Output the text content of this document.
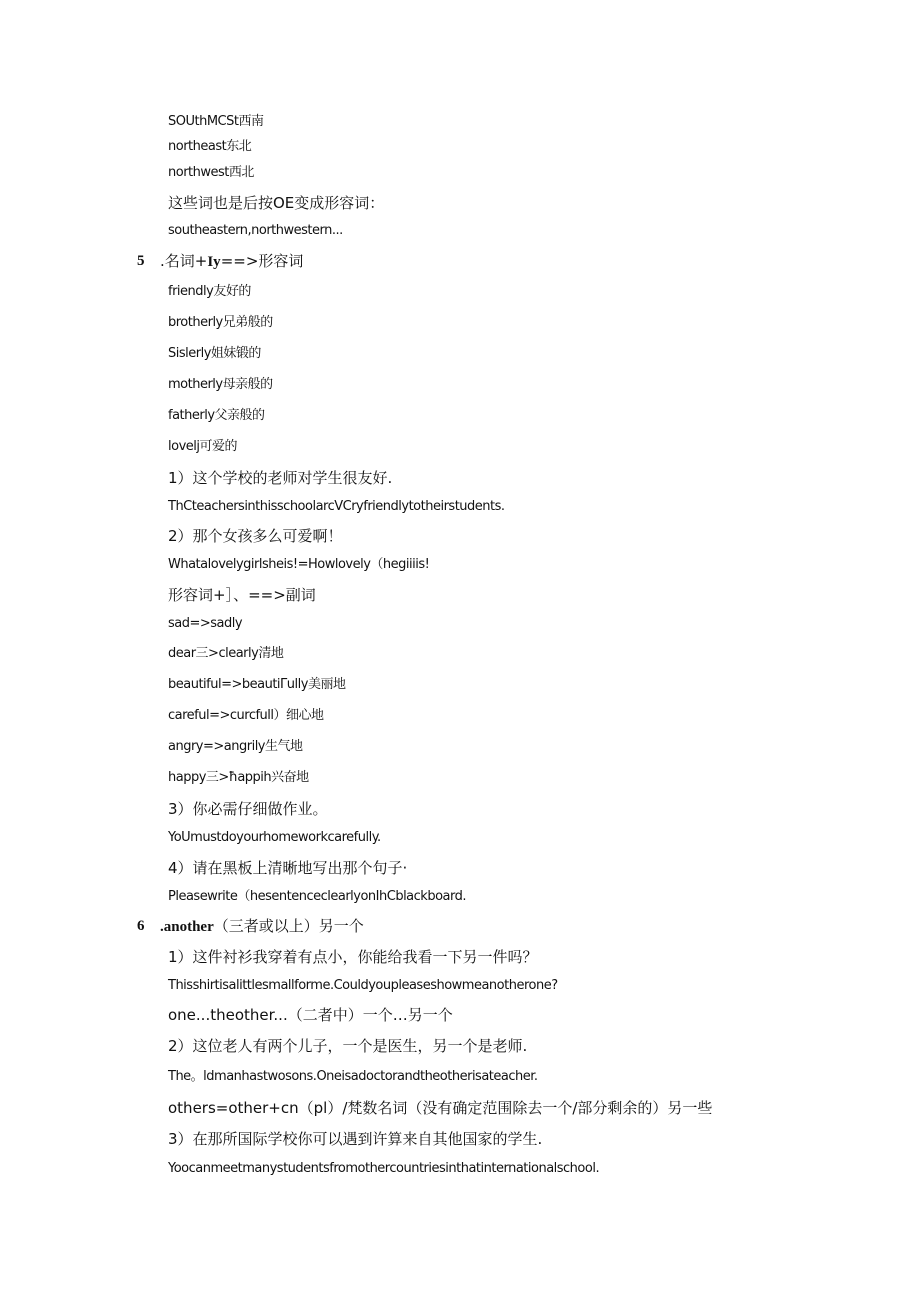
SOUthMCSt西南
northeast东北
northwest西北
这些词也是后按OE变成形容词：
southeastern,northwestern...
5 .名词+Iy==>形容词
friendly友好的
brotherly兄弟般的
Sislerly姐妹锻的
motherly母亲般的
fatherly父亲般的
lovelj可爱的
1）这个学校的老师对学生很友好.
ThCteachersinthisschoolarcVCryfriendlytotheirstudents.
2）那个女孩多么可爱啊！
Whatalovelygirlsheis!=Howlovely（hegiiiis!
形容词+］、==>副词
sad=>sadly
dear三>clearly清地
beautiful=>beautiΓully美丽地
careful=>curcfull）细心地
angry=>angrily生气地
happy三>ħappih兴奋地
3）你必需仔细做作业。
YoUmustdoyourhomeworkcarefully.
4）请在黑板上清晰地写出那个句子·
Pleasewrite（hesentenceclearlyonIhCblackboard.
6 .another（三者或以上）另一个
1）这件衬衫我穿着有点小，你能给我看一下另一件吗？
Thisshirtisalittlesmallforme.Couldyoupleaseshowmeanotherone?
one...theother...（二者中）一个…另一个
2）这位老人有两个儿子，一个是医生，另一个是老师.
The。ldmanhastwosons.Oneisadoctorandtheotherisateacher.
others=other+cn（pl）/梵数名词（没有确定范围除去一个/部分剩余的）另一些
3）在那所国际学校你可以遇到许算来自其他国家的学生.
Yoocanmeetmanystudentsfromothercountriesinthatinternationalschool.
